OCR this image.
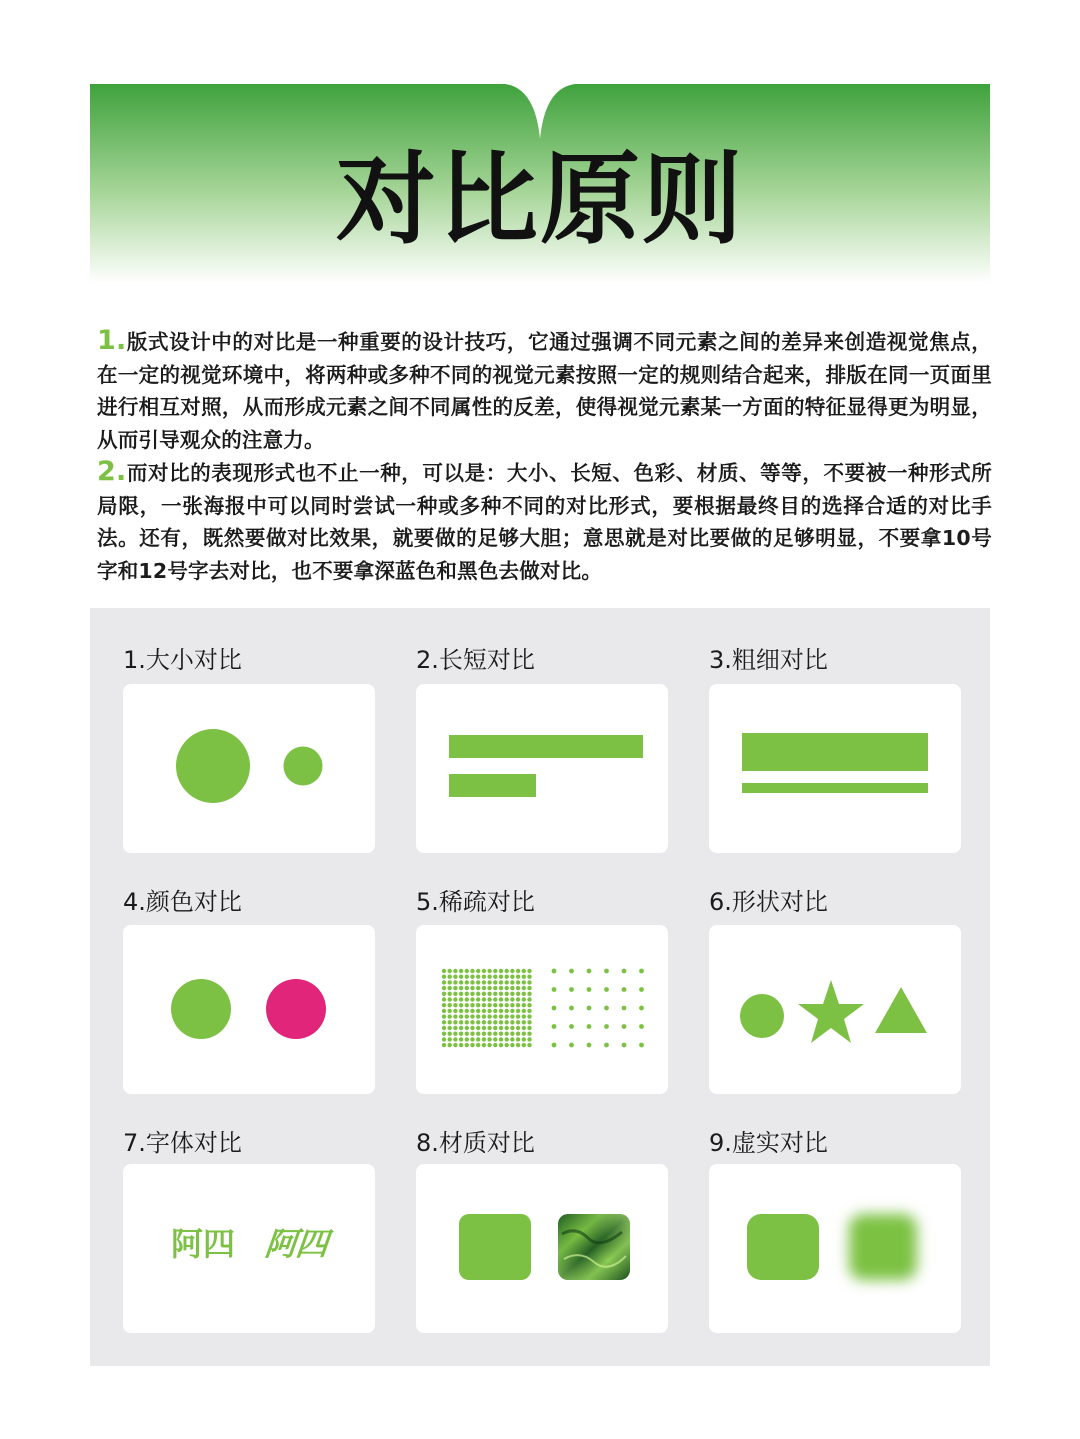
对比原则

1.版式设计中的对比是一种重要的设计技巧，它通过强调不同元素之间的差异来创造视觉焦点，在一定的视觉环境中，将两种或多种不同的视觉元素按照一定的规则结合起来，排版在同一页面里进行相互对照，从而形成元素之间不同属性的反差，使得视觉元素某一方面的特征显得更为明显，从而引导观众的注意力。

2.而对比的表现形式也不止一种，可以是：大小、长短、色彩、材质、等等，不要被一种形式所局限，一张海报中可以同时尝试一种或多种不同的对比形式，要根据最终目的选择合适的对比手法。还有，既然要做对比效果，就要做的足够大胆；意思就是对比要做的足够明显，不要拿10号字和12号字去对比，也不要拿深蓝色和黑色去做对比。

1.大小对比	2.长短对比	3.粗细对比
4.颜色对比	5.稀疏对比	6.形状对比
7.字体对比
阿四 阿四
8.材质对比	9.虚实对比
